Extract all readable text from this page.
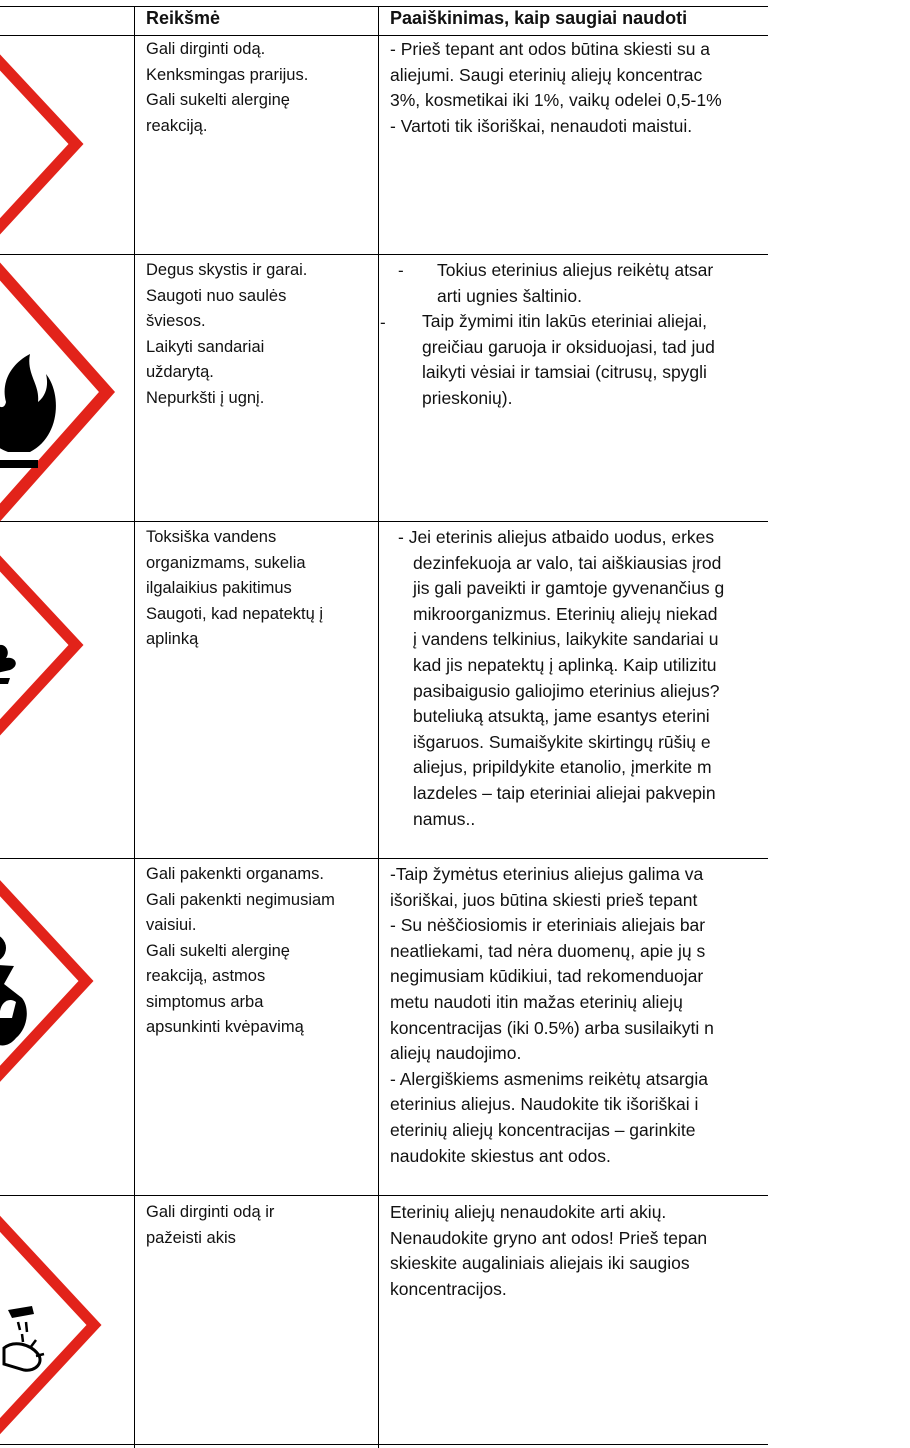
Reikšmė	Paaiškinimas, kaip saugiai naudoti
Gali dirginti odą.
Kenksmingas prarijus.
Gali sukelti alerginę
reakciją.

- Prieš tepant ant odos būtina skiesti su a

aliejumi. Saugi eterinių aliejų koncentrac

3%, kosmetikai iki 1%, vaikų odelei 0,5-1%

- Vartoti tik išoriškai, nenaudoti maistui.

Degus skystis ir garai.
Saugoti nuo saulės
šviesos.
Laikyti sandariai
uždarytą.
Nepurkšti į ugnį.
-
-

Tokius eterinius aliejus reikėtų atsar

arti ugnies šaltinio.

Taip žymimi itin lakūs eteriniai aliejai,

greičiau garuoja ir oksiduojasi, tad jud

laikyti vėsiai ir tamsiai (citrusų, spygli

prieskonių).

Toksiška vandens
organizmams, sukelia
ilgalaikius pakitimus
Saugoti, kad nepatektų į
aplinką

- Jei eterinis aliejus atbaido uodus, erkes

dezinfekuoja ar valo, tai aiškiausias įrod

jis gali paveikti ir gamtoje gyvenančius g

mikroorganizmus. Eterinių aliejų niekad

į vandens telkinius, laikykite sandariai u

kad jis nepatektų į aplinką. Kaip utilizitu

pasibaigusio galiojimo eterinius aliejus?

buteliuką atsuktą, jame esantys eterini

išgaruos. Sumaišykite skirtingų rūšių e

aliejus, pripildykite etanolio, įmerkite m

lazdeles – taip eteriniai aliejai pakvepin

namus..

Gali pakenkti organams.
Gali pakenkti negimusiam
vaisiui.
Gali sukelti alerginę
reakciją, astmos
simptomus arba
apsunkinti kvėpavimą

-Taip žymėtus eterinius aliejus galima va

išoriškai, juos būtina skiesti prieš tepant

- Su nėščiosiomis ir eteriniais aliejais bar

neatliekami, tad nėra duomenų, apie jų s

negimusiam kūdikiui, tad rekomenduojar

metu naudoti itin mažas eterinių aliejų

koncentracijas (iki 0.5%) arba susilaikyti n

aliejų naudojimo.

- Alergiškiems asmenims reikėtų atsargia

eterinius aliejus. Naudokite tik išoriškai i

eterinių aliejų koncentracijas – garinkite

naudokite skiestus ant odos.

Gali dirginti odą ir
pažeisti akis

Eterinių aliejų nenaudokite arti akių.

Nenaudokite gryno ant odos! Prieš tepan

skieskite augaliniais aliejais iki saugios

koncentracijos.
